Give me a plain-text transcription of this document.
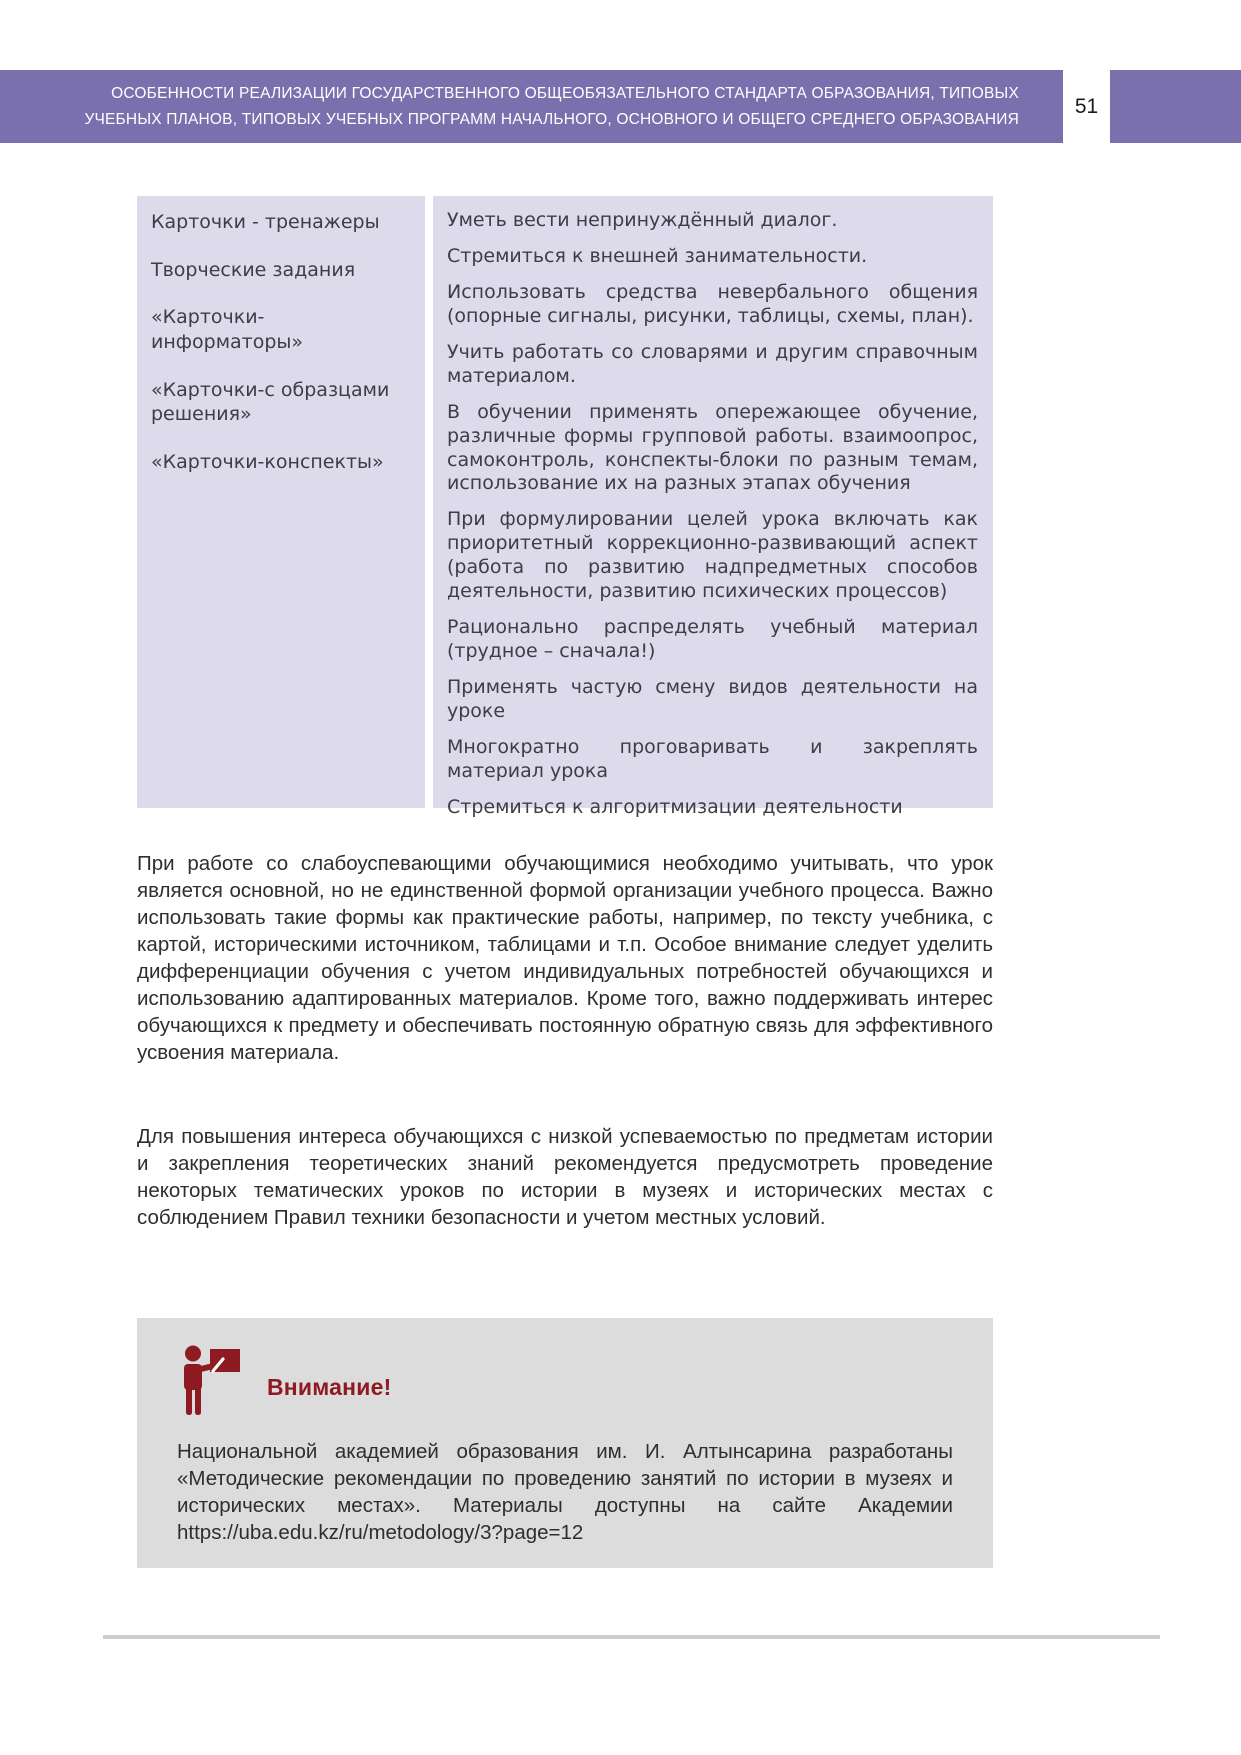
ОСОБЕННОСТИ РЕАЛИЗАЦИИ ГОСУДАРСТВЕННОГО ОБЩЕОБЯЗАТЕЛЬНОГО СТАНДАРТА ОБРАЗОВАНИЯ, ТИПОВЫХ
УЧЕБНЫХ ПЛАНОВ, ТИПОВЫХ УЧЕБНЫХ ПРОГРАММ НАЧАЛЬНОГО, ОСНОВНОГО И ОБЩЕГО СРЕДНЕГО ОБРАЗОВАНИЯ
51
Карточки - тренажеры
Творческие задания
«Карточки-информаторы»
«Карточки-с образцами решения»
«Карточки-конспекты»
Уметь вести непринуждённый диалог.
Стремиться к внешней занимательности.
Использовать средства невербального общения (опорные сигналы, рисунки, таблицы, схемы, план).
Учить работать со словарями и другим справочным материалом.
В обучении применять опережающее обучение, различные формы групповой работы. взаимоопрос, самоконтроль, конспекты-блоки по разным темам, использование их на разных этапах обучения
При формулировании целей урока включать как приоритетный коррекционно-развивающий аспект (работа по развитию надпредметных способов деятельности, развитию психических процессов)
Рационально распределять учебный материал (трудное – сначала!)
Применять частую смену видов деятельности на уроке
Многократно проговаривать и закреплять материал урока
Стремиться к алгоритмизации деятельности
При работе со слабоуспевающими обучающимися необходимо учитывать, что урок является основной, но не единственной формой организации учебного процесса. Важно использовать такие формы как практические работы, например, по тексту учебника, с картой, историческими источником, таблицами и т.п. Особое внимание следует уделить дифференциации обучения с учетом индивидуальных потребностей обучающихся и использованию адаптированных материалов. Кроме того, важно поддерживать интерес обучающихся к предмету и обеспечивать постоянную обратную связь для эффективного усвоения материала.
Для повышения интереса обучающихся с низкой успеваемостью по предметам истории и закрепления теоретических знаний рекомендуется предусмотреть проведение некоторых тематических уроков по истории в музеях и исторических местах с соблюдением Правил техники безопасности и учетом местных условий.
Внимание!
Национальной академией образования им. И. Алтынсарина разработаны «Методические рекомендации по проведению занятий по истории в музеях и исторических местах». Материалы доступны на сайте Академии https://uba.edu.kz/ru/metodology/3?page=12
